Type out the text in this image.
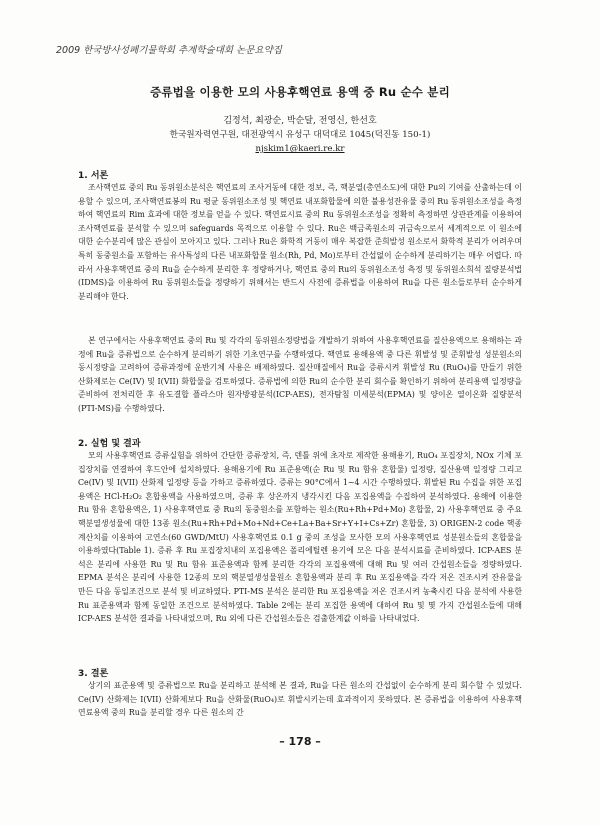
2009 한국방사성폐기물학회 추계학술대회 논문요약집
증류법을 이용한 모의 사용후핵연료 용액 중 Ru 순수 분리
김정석, 최광순, 박순달, 전영신, 한선호
한국원자력연구원, 대전광역시 유성구 대덕대로 1045(덕진동 150-1)
njskim1@kaeri.re.kr
1. 서론

조사핵연료 중의 Ru 동위원소분석은 핵연료의 조사거동에 대한 정보, 즉, 핵분열(총연소도)에 대한 Pu의 기여를 산출하는데 이용할 수 있으며, 조사핵연료봉의 Ru 평균 동위원소조성 및 핵연료 내포화합물에 의한 불용성잔유물 중의 Ru 동위원소조성을 측정하여 핵연료의 Rim 효과에 대한 정보를 얻을 수 있다. 핵연료시료 중의 Ru 동위원소조성을 정확히 측정하면 상관관계를 이용하여 조사핵연료를 분석할 수 있으며 safeguards 목적으로 이용할 수 있다. Ru은 백금족원소의 귀금속으로서 세계적으로 이 원소에 대한 순수분리에 많은 관심이 모아지고 있다. 그러나 Ru은 화학적 거동이 매우 복잡한 준희발성 원소로서 화학적 분리가 어려우며 특히 동중원소를 포함하는 유사특성의 다른 내포화합물 원소(Rh, Pd, Mo)로부터 간섭없이 순수하게 분리하기는 매우 어렵다. 따라서 사용후핵연료 중의 Ru을 순수하게 분리한 후 정량하거나, 핵연료 중의 Ru의 동위원소조성 측정 및 동위원소희석 질량분석법(IDMS)을 이용하여 Ru 동위원소들을 정량하기 위해서는 반드시 사전에 증류법을 이용하여 Ru을 다른 원소들로부터 순수하게 분리해야 한다.

본 연구에서는 사용후핵연료 중의 Ru 및 각각의 동위원소정량법을 개발하기 위하여 사용후핵연료를 질산용액으로 용해하는 과정에 Ru을 증류법으로 순수하게 분리하기 위한 기초연구를 수행하였다. 핵연료 용해용액 중 다른 휘발성 및 준휘발성 성분원소의 동시정량을 고려하여 증류과정에 운반기체 사용은 배제하였다. 질산매질에서 Ru을 증류시켜 휘발성 Ru (RuO₄)를 만들기 위한 산화제로는 Ce(IV) 및 I(VII) 화합물을 검토하였다. 증류법에 의한 Ru의 순수한 분리 회수를 확인하기 위하여 분리용액 일정량을 준비하여 전처리한 후 유도결합 플라스마 원자방광분석(ICP-AES), 전자탐침 미세분석(EPMA) 및 양이온 열이온화 질량분석(PTI-MS)를 수행하였다.

2. 실험 및 결과

모의 사용후핵연료 증류실험을 위하여 간단한 증류장치, 즉, 덴틀 위에 초자로 제작한 용해용기, RuO₄ 포집장치, NOx 기체 포집장치를 연결하여 후드안에 설치하였다. 용해용기에 Ru 표준용액(순 Ru 및 Ru 함유 혼합물) 일정량, 질산용액 일정량 그리고 Ce(IV) 및 I(VII) 산화제 일정량 등을 가하고 증류하였다. 증류는 90°C에서 1~4 시간 수행하였다. 휘발된 Ru 수집을 위한 포집용액은 HCl-H₂O₂ 혼합용액을 사용하였으며, 증류 후 상온까지 냉각시킨 다음 포집용액을 수집하여 분석하였다. 용해에 이용한 Ru 함유 혼합용액은, 1) 사용후핵연료 중 Ru의 동중원소를 포함하는 원소(Ru+Rh+Pd+Mo) 혼합물, 2) 사용후핵연료 중 주요 핵분열생성물에 대한 13종 원소(Ru+Rh+Pd+Mo+Nd+Ce+La+Ba+Sr+Y+I+Cs+Zr) 혼합물, 3) ORIGEN-2 code 핵종계산치를 이용하여 고연소(60 GWD/MtU) 사용후핵연료 0.1 g 중의 조성을 모사한 모의 사용후핵연료 성분원소들의 혼합물을 이용하였다(Table 1). 증류 후 Ru 포집장치내의 포집용액은 폴리에틸렌 용기에 모은 다음 분석시료를 준비하였다. ICP-AES 분석은 분리에 사용한 Ru 및 Ru 함유 표준용액과 함께 분리한 각각의 포집용액에 대해 Ru 및 여러 간섭원소들을 정량하였다. EPMA 분석은 분리에 사용한 12종의 모의 핵분열생성물원소 혼합용액과 분리 후 Ru 포집용액을 각각 저온 건조시켜 잔유물을 만든 다음 동일조건으로 분석 및 비교하였다. PTI-MS 분석은 분리한 Ru 포집용액을 저온 건조시켜 농축시킨 다음 분석에 사용한 Ru 표준용액과 함께 동일한 조건으로 분석하였다. Table 2에는 분리 포집한 용액에 대하여 Ru 및 몇 가지 간섭원소들에 대해 ICP-AES 분석한 결과를 나타내었으며, Ru 외에 다른 간섭원소들은 검출한계값 이하를 나타내었다.

3. 결론

상기의 표준용액 및 증류법으로 Ru을 분리하고 분석해 본 결과, Ru을 다른 원소의 간섭없이 순수하게 분리 회수할 수 있었다. Ce(IV) 산화제는 I(VII) 산화제보다 Ru을 산화물(RuO₄)로 휘발시키는데 효과적이지 못하였다. 본 증류법을 이용하여 사용후핵연료용액 중의 Ru을 분리할 경우 다른 원소의 간

– 178 –
